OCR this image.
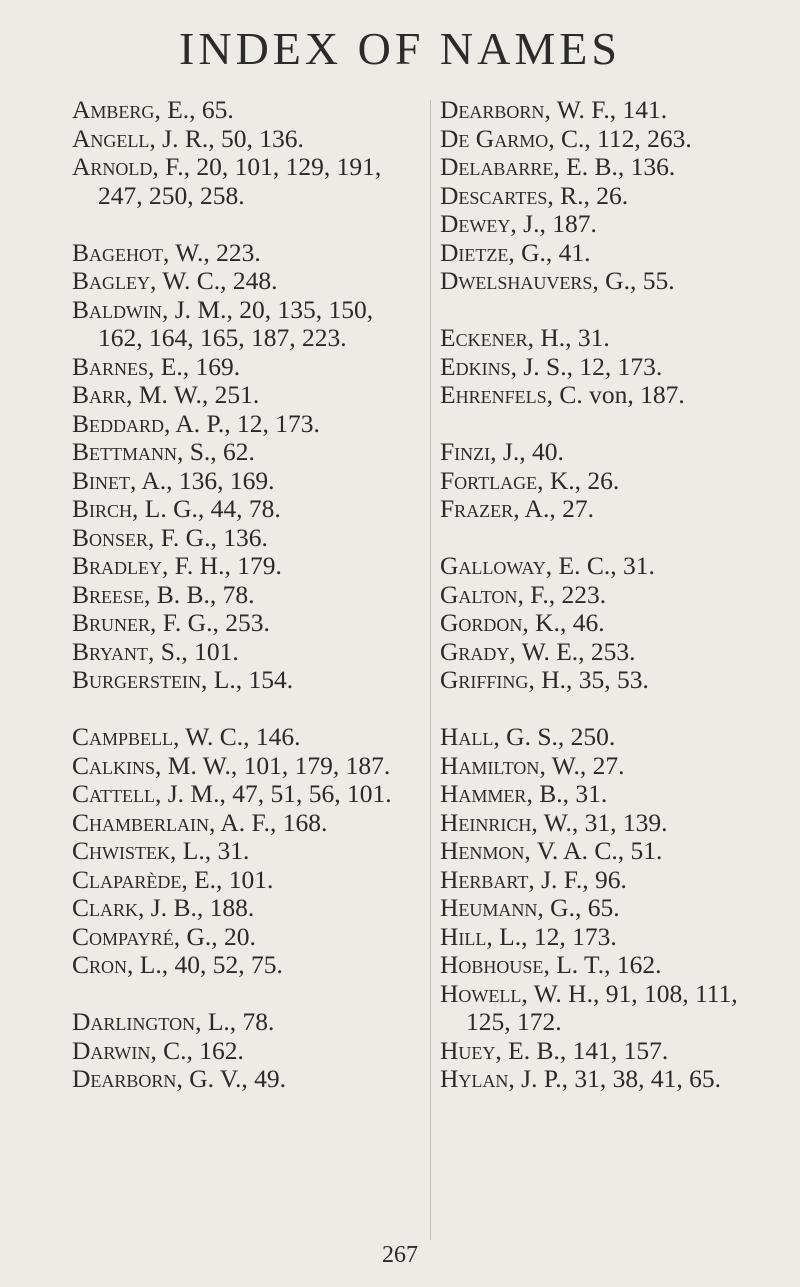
INDEX OF NAMES
Amberg, E., 65.
Angell, J. R., 50, 136.
Arnold, F., 20, 101, 129, 191, 247, 250, 258.
Bagehot, W., 223.
Bagley, W. C., 248.
Baldwin, J. M., 20, 135, 150, 162, 164, 165, 187, 223.
Barnes, E., 169.
Barr, M. W., 251.
Beddard, A. P., 12, 173.
Bettmann, S., 62.
Binet, A., 136, 169.
Birch, L. G., 44, 78.
Bonser, F. G., 136.
Bradley, F. H., 179.
Breese, B. B., 78.
Bruner, F. G., 253.
Bryant, S., 101.
Burgerstein, L., 154.
Campbell, W. C., 146.
Calkins, M. W., 101, 179, 187.
Cattell, J. M., 47, 51, 56, 101.
Chamberlain, A. F., 168.
Chwistek, L., 31.
Claparède, E., 101.
Clark, J. B., 188.
Compayré, G., 20.
Cron, L., 40, 52, 75.
Darlington, L., 78.
Darwin, C., 162.
Dearborn, G. V., 49.
Dearborn, W. F., 141.
De Garmo, C., 112, 263.
Delabarre, E. B., 136.
Descartes, R., 26.
Dewey, J., 187.
Dietze, G., 41.
Dwelshauvers, G., 55.
Eckener, H., 31.
Edkins, J. S., 12, 173.
Ehrenfels, C. von, 187.
Finzi, J., 40.
Fortlage, K., 26.
Frazer, A., 27.
Galloway, E. C., 31.
Galton, F., 223.
Gordon, K., 46.
Grady, W. E., 253.
Griffing, H., 35, 53.
Hall, G. S., 250.
Hamilton, W., 27.
Hammer, B., 31.
Heinrich, W., 31, 139.
Henmon, V. A. C., 51.
Herbart, J. F., 96.
Heumann, G., 65.
Hill, L., 12, 173.
Hobhouse, L. T., 162.
Howell, W. H., 91, 108, 111, 125, 172.
Huey, E. B., 141, 157.
Hylan, J. P., 31, 38, 41, 65.
267
